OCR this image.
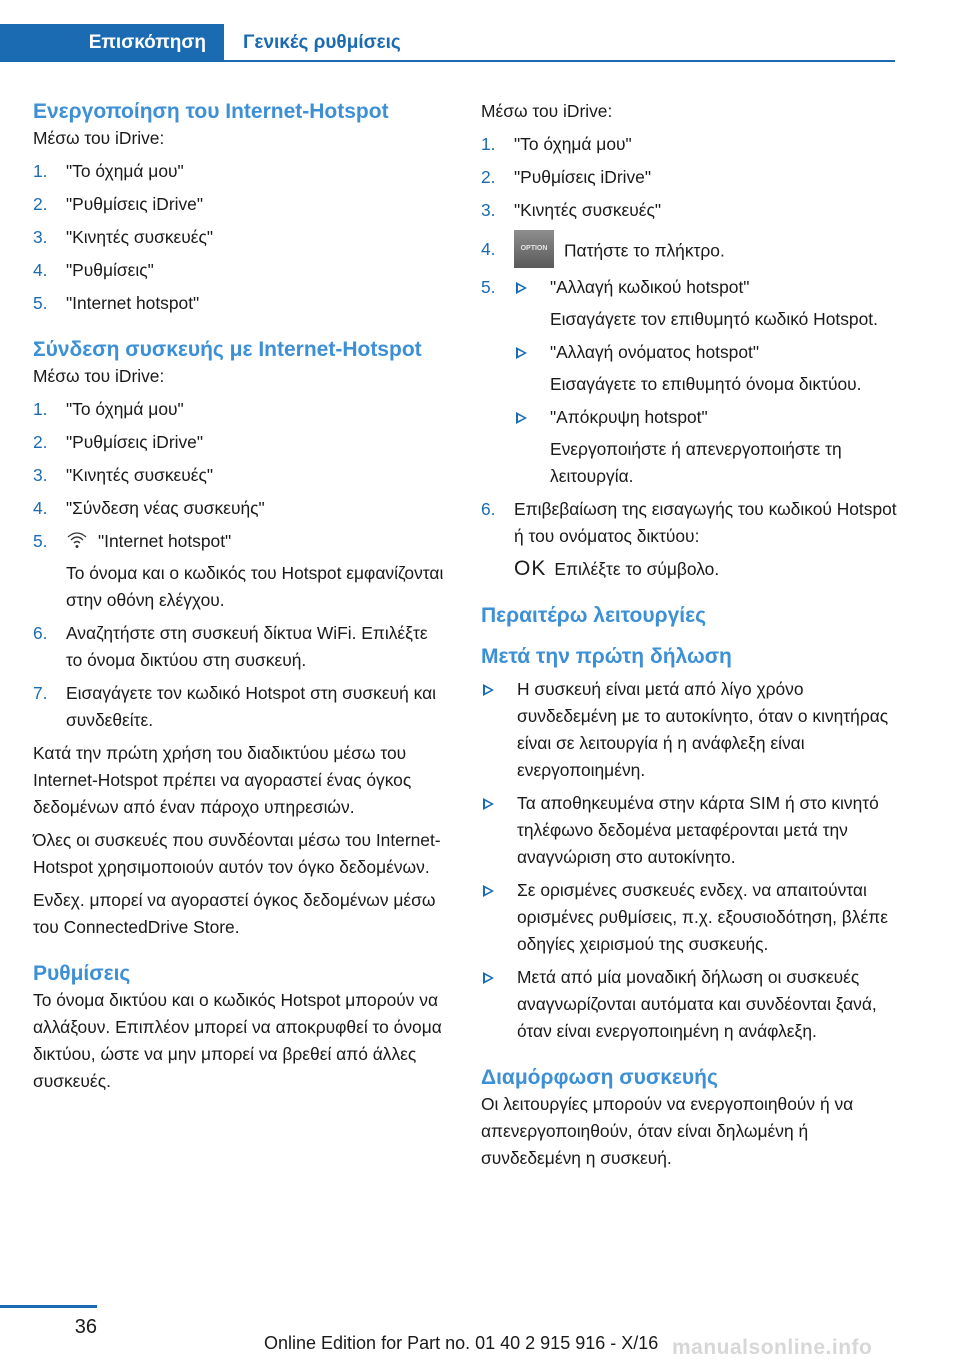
Επισκόπηση	Γενικές ρυθμίσεις
Ενεργοποίηση του Internet-Hotspot

Μέσω του iDrive:

1. "Το όχημά μου"
2. "Ρυθμίσεις iDrive"
3. "Κινητές συσκευές"
4. "Ρυθμίσεις"
5. "Internet hotspot"
Σύνδεση συσκευής με Internet-Hotspot

Μέσω του iDrive:

1. "Το όχημά μου"
2. "Ρυθμίσεις iDrive"
3. "Κινητές συσκευές"
4. "Σύνδεση νέας συσκευής"
5.	"Internet hotspot"

Το όνομα και ο κωδικός του Hotspot εμφανίζονται στην οθόνη ελέγχου.

6. Αναζητήστε στη συσκευή δίκτυα WiFi. Επιλέξτε το όνομα δικτύου στη συσκευή.
7. Εισαγάγετε τον κωδικό Hotspot στη συσκευή και συνδεθείτε.

Κατά την πρώτη χρήση του διαδικτύου μέσω του Internet-Hotspot πρέπει να αγοραστεί ένας όγκος δεδομένων από έναν πάροχο υπηρεσιών.

Όλες οι συσκευές που συνδέονται μέσω του Internet-Hotspot χρησιμοποιούν αυτόν τον όγκο δεδομένων.

Ενδεχ. μπορεί να αγοραστεί όγκος δεδομένων μέσω του ConnectedDrive Store.

Ρυθμίσεις

Το όνομα δικτύου και ο κωδικός Hotspot μπορούν να αλλάξουν. Επιπλέον μπορεί να αποκρυφθεί το όνομα δικτύου, ώστε να μην μπορεί να βρεθεί από άλλες συσκευές.

Μέσω του iDrive:

1. "Το όχημά μου"
2. "Ρυθμίσεις iDrive"
3. "Κινητές συσκευές"
4.	OPTION Πατήστε το πλήκτρο.
5.	"Αλλαγή κωδικού hotspot"

Εισαγάγετε τον επιθυμητό κωδικό Hotspot.

"Αλλαγή ονόματος hotspot"

Εισαγάγετε το επιθυμητό όνομα δικτύου.

"Απόκρυψη hotspot"

Ενεργοποιήστε ή απενεργοποιήστε τη λειτουργία.

6. Επιβεβαίωση της εισαγωγής του κωδικού Hotspot ή του ονόματος δικτύου:

OK Επιλέξτε το σύμβολο.

Περαιτέρω λειτουργίες
Μετά την πρώτη δήλωση
Η συσκευή είναι μετά από λίγο χρόνο συνδεδεμένη με το αυτοκίνητο, όταν ο κινητήρας είναι σε λειτουργία ή η ανάφλεξη είναι ενεργοποιημένη.
Τα αποθηκευμένα στην κάρτα SIM ή στο κινητό τηλέφωνο δεδομένα μεταφέρονται μετά την αναγνώριση στο αυτοκίνητο.
Σε ορισμένες συσκευές ενδεχ. να απαιτούνται ορισμένες ρυθμίσεις, π.χ. εξουσιοδότηση, βλέπε οδηγίες χειρισμού της συσκευής.
Μετά από μία μοναδική δήλωση οι συσκευές αναγνωρίζονται αυτόματα και συνδέονται ξανά, όταν είναι ενεργοποιημένη η ανάφλεξη.
Διαμόρφωση συσκευής

Οι λειτουργίες μπορούν να ενεργοποιηθούν ή να απενεργοποιηθούν, όταν είναι δηλωμένη ή συνδεδεμένη η συσκευή.

36
manualsonline.info
Online Edition for Part no. 01 40 2 915 916 - X/16
